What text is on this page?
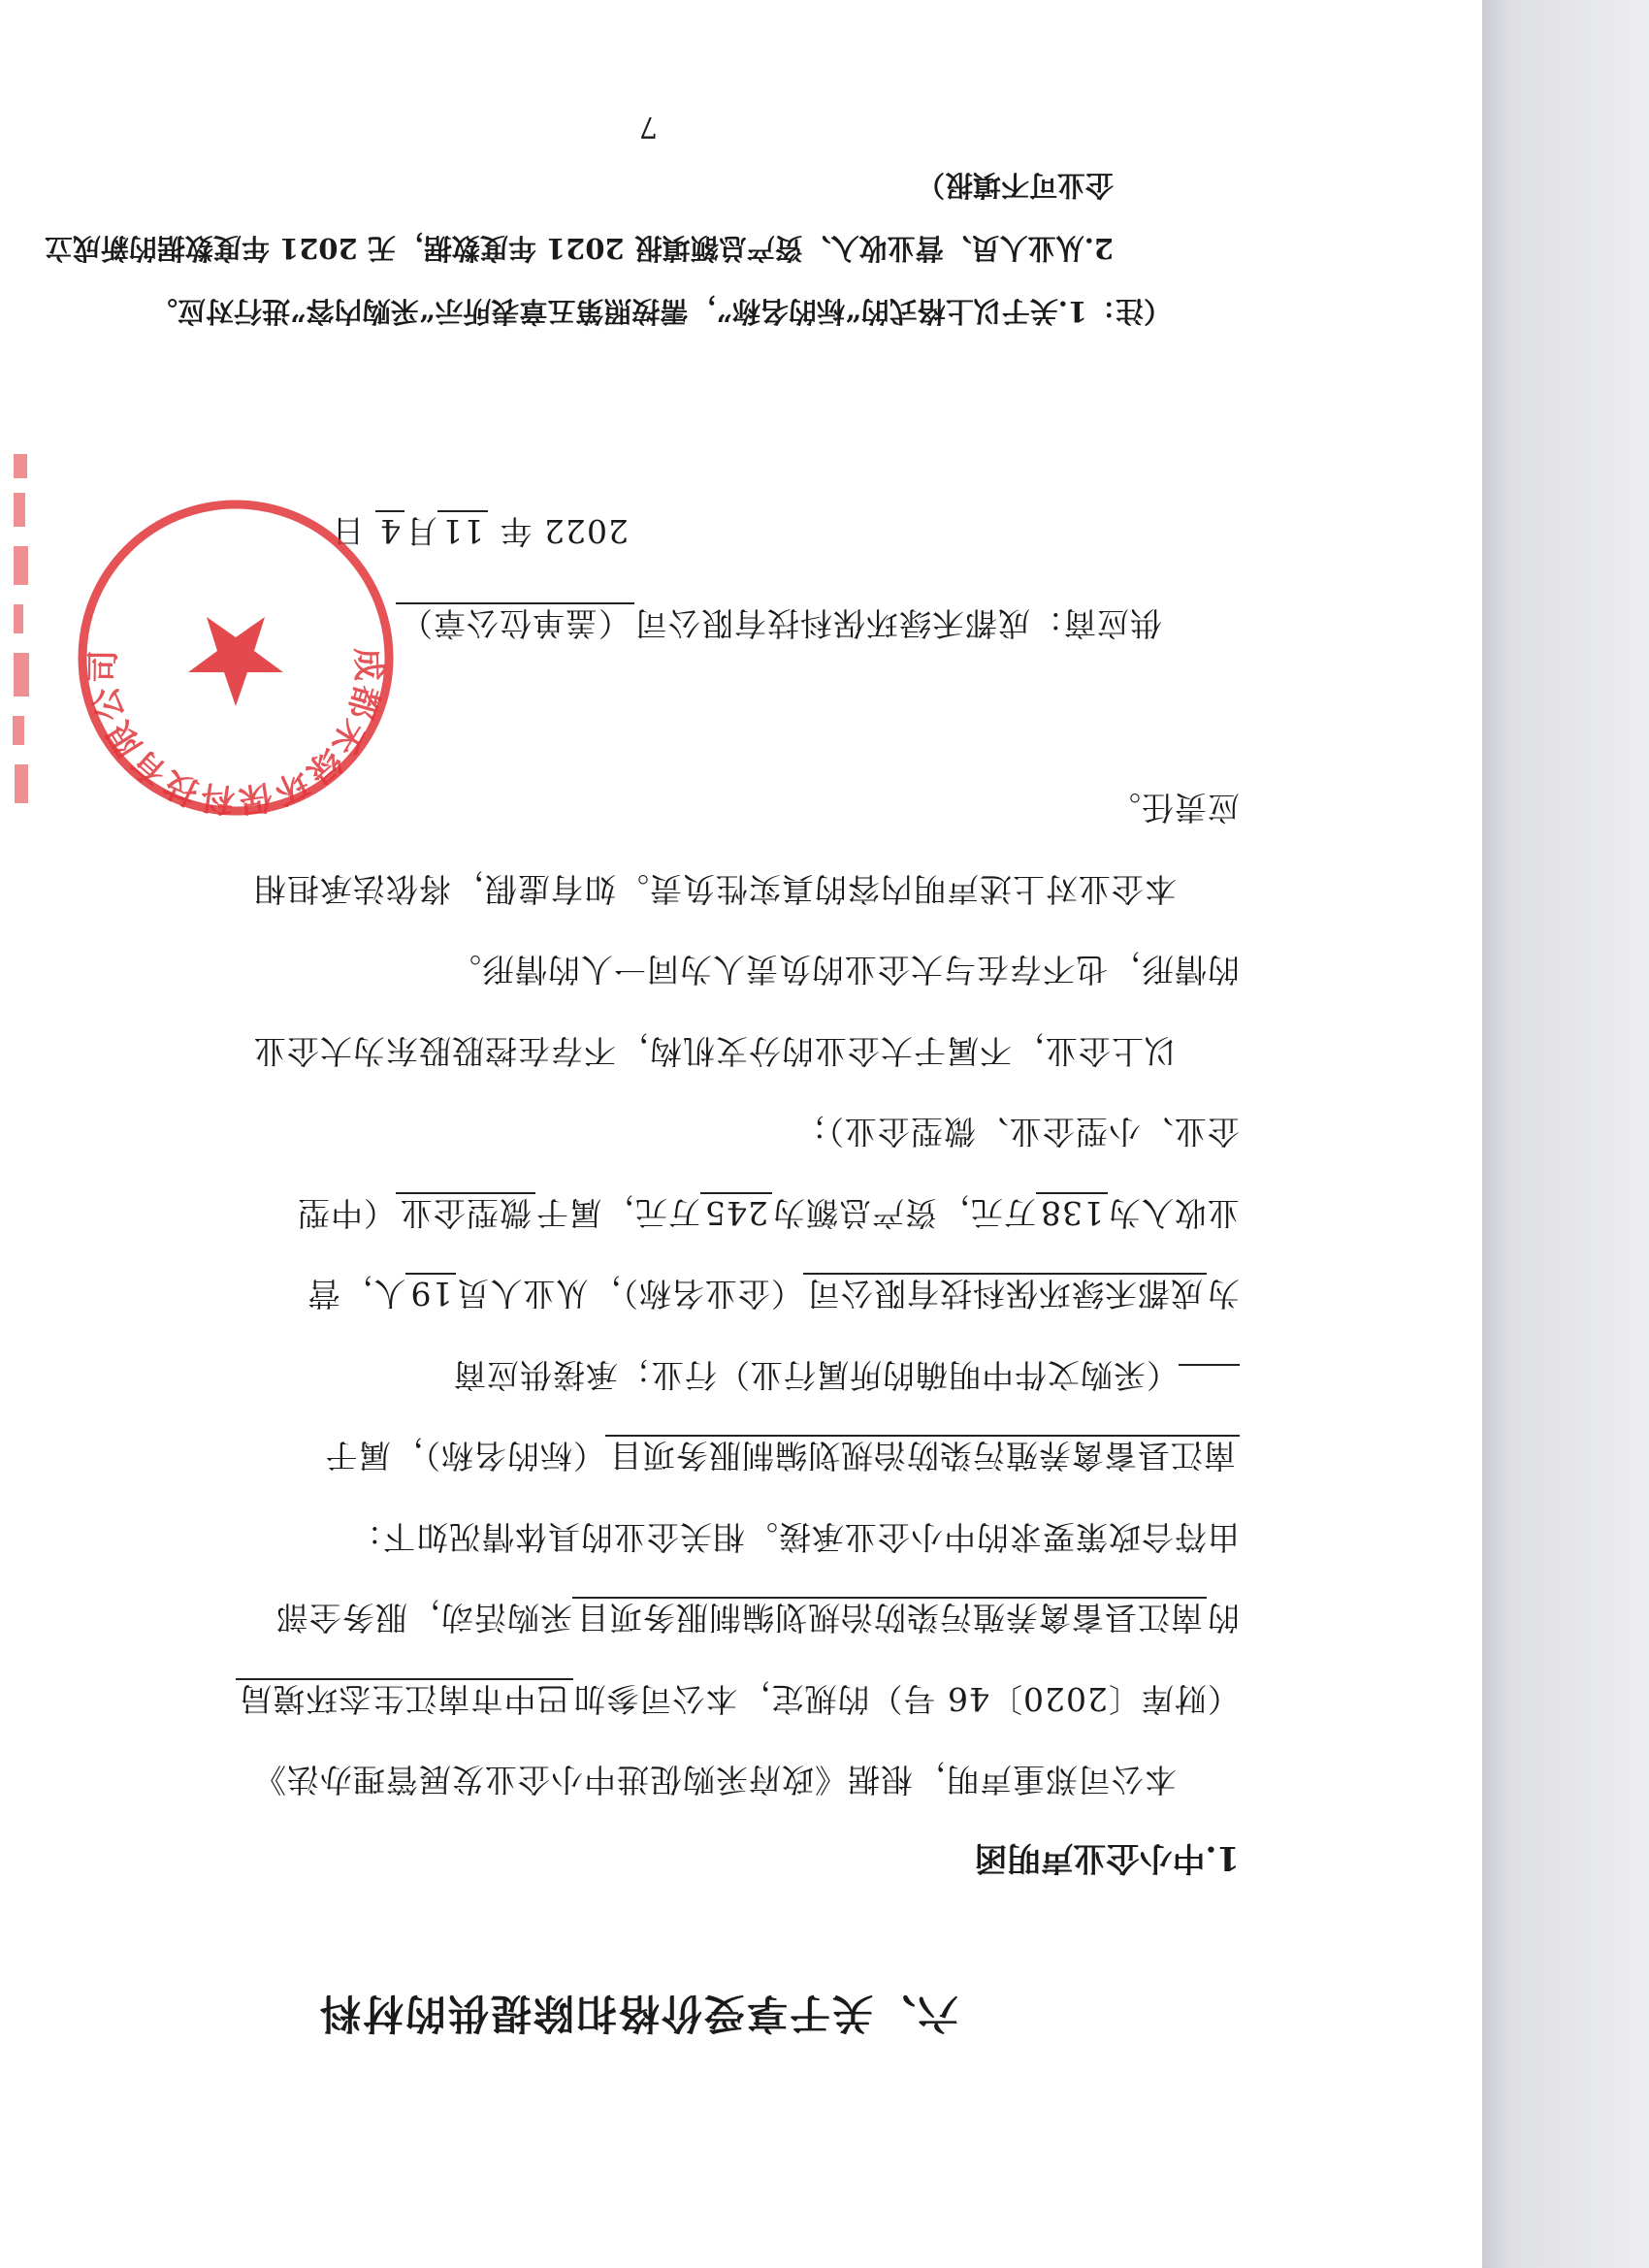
六、关于享受价格扣除提供的材料
1.中小企业声明函
本公司郑重声明，根据《政府采购促进中小企业发展管理办法》
（财库〔2020〕46 号）的规定，本公司参加巴中市南江生态环境局
的南江县畜禽养殖污染防治规划编制服务项目采购活动，服务全部
由符合政策要求的中小企业承接。相关企业的具体情况如下：
南江县畜禽养殖污染防治规划编制服务项目（标的名称），属于
（采购文件中明确的所属行业）行业；承接供应商
为成都禾绿环保科技有限公司（企业名称），从业人员19人，营
业收入为138万元，资产总额为245万元，属于微型企业（中型
企业、小型企业、微型企业）；
以上企业，不属于大企业的分支机构，不存在控股股东为大企业
的情形，也不存在与大企业的负责人为同一人的情形。
本企业对上述声明内容的真实性负责。如有虚假，将依法承担相
应责任。
供应商：成都禾绿环保科技有限公司（盖单位公章）
2022 年 11月4 日
（注：1.关于以上格式的“标的名称”，需按照第五章表所示“采购内容”进行对应。
2.从业人员、营业收入、资产总额填报 2021 年度数据，无 2021 年度数据的新成立
企业可不填报）
7
成都禾绿环保科技有限公司
